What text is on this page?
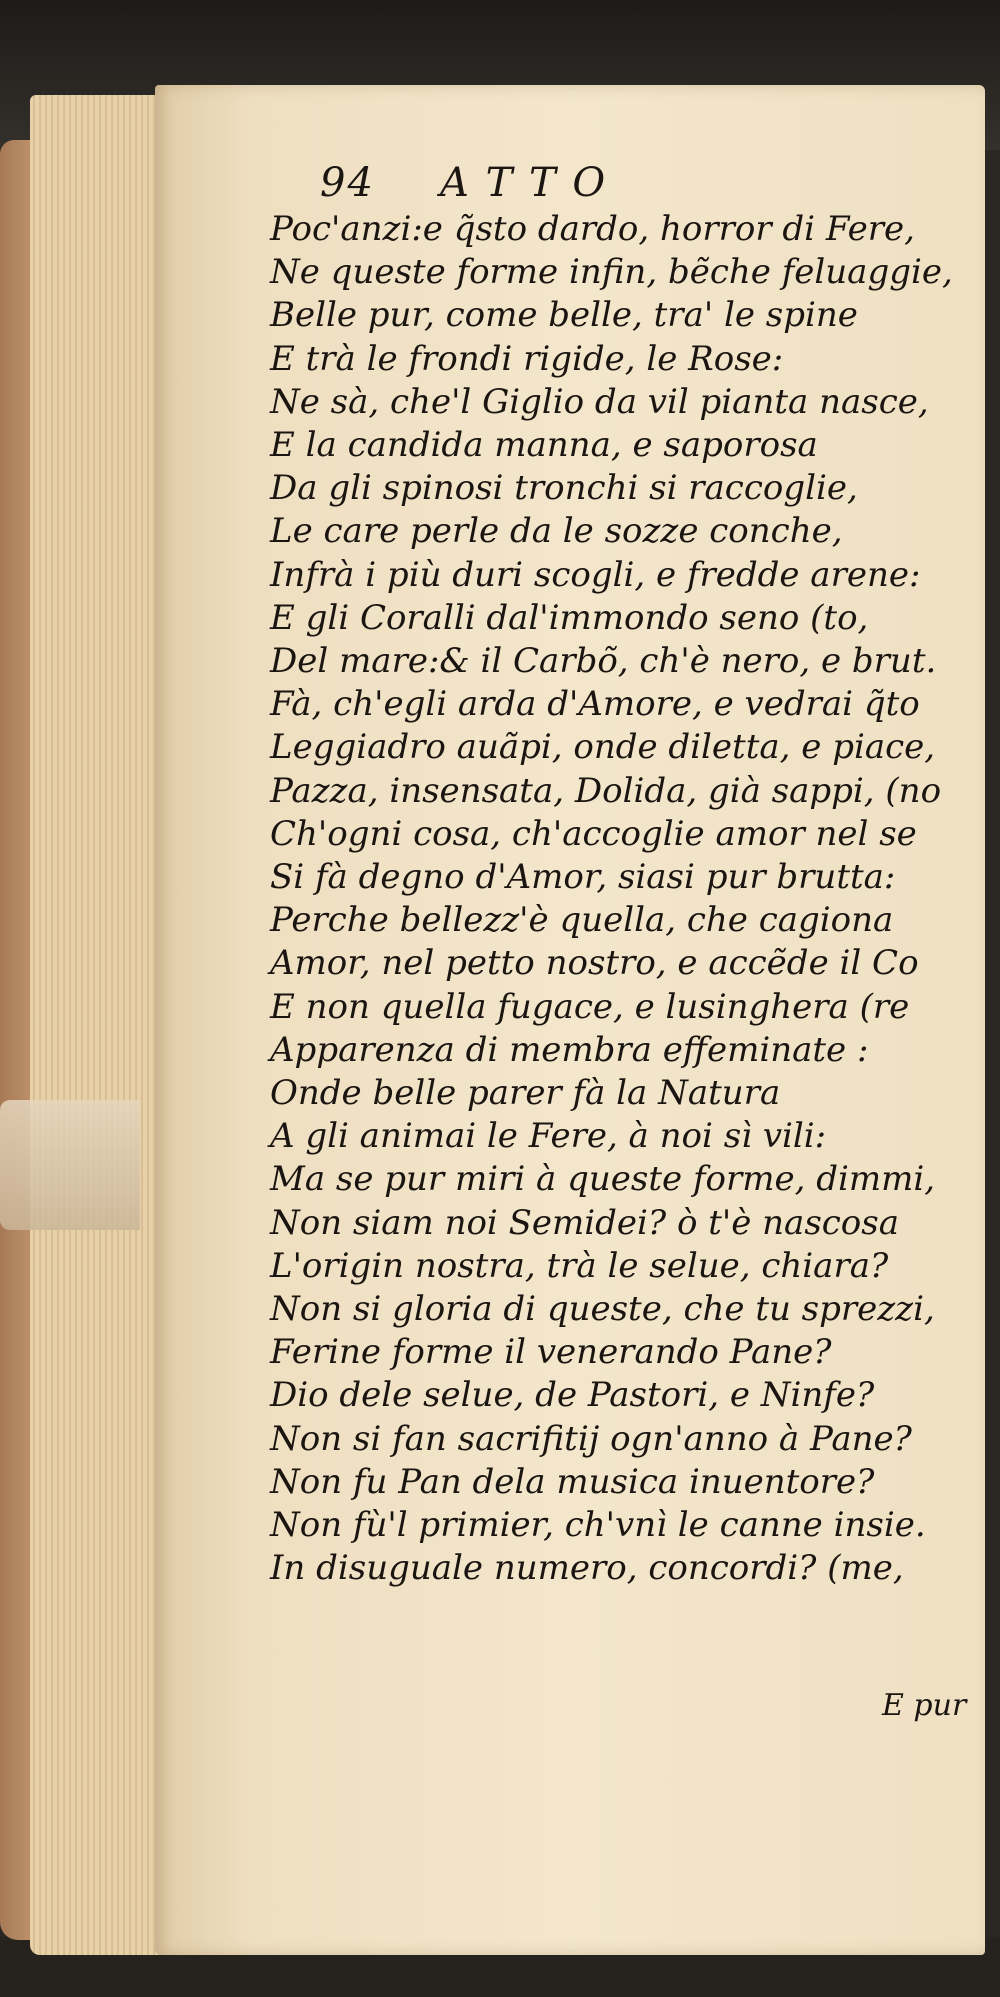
94 A T T O
Poc'anzi:e q̃sto dardo, horror di Fere,
Ne queste forme infin, bẽche feluaggie,
Belle pur, come belle, tra' le spine
E trà le frondi rigide, le Rose:
Ne sà, che'l Giglio da vil pianta nasce,
E la candida manna, e saporosa
Da gli spinosi tronchi si raccoglie,
Le care perle da le sozze conche,
Infrà i più duri scogli, e fredde arene:
E gli Coralli dal'immondo seno (to,
Del mare:& il Carbõ, ch'è nero, e brut.
Fà, ch'egli arda d'Amore, e vedrai q̃to
Leggiadro auãpi, onde diletta, e piace,
Pazza, insensata, Dolida, già sappi, (no
Ch'ogni cosa, ch'accoglie amor nel se
Si fà degno d'Amor, siasi pur brutta:
Perche bellezz'è quella, che cagiona
Amor, nel petto nostro, e accẽde il Co
E non quella fugace, e lusinghera (re
Apparenza di membra effeminate :
Onde belle parer fà la Natura
A gli animai le Fere, à noi sì vili:
Ma se pur miri à queste forme, dimmi,
Non siam noi Semidei? ò t'è nascosa
L'origin nostra, trà le selue, chiara?
Non si gloria di queste, che tu sprezzi,
Ferine forme il venerando Pane?
Dio dele selue, de Pastori, e Ninfe?
Non si fan sacrifitij ogn'anno à Pane?
Non fu Pan dela musica inuentore?
Non fù'l primier, ch'vnì le canne insie.
In disuguale numero, concordi? (me,
E pur
